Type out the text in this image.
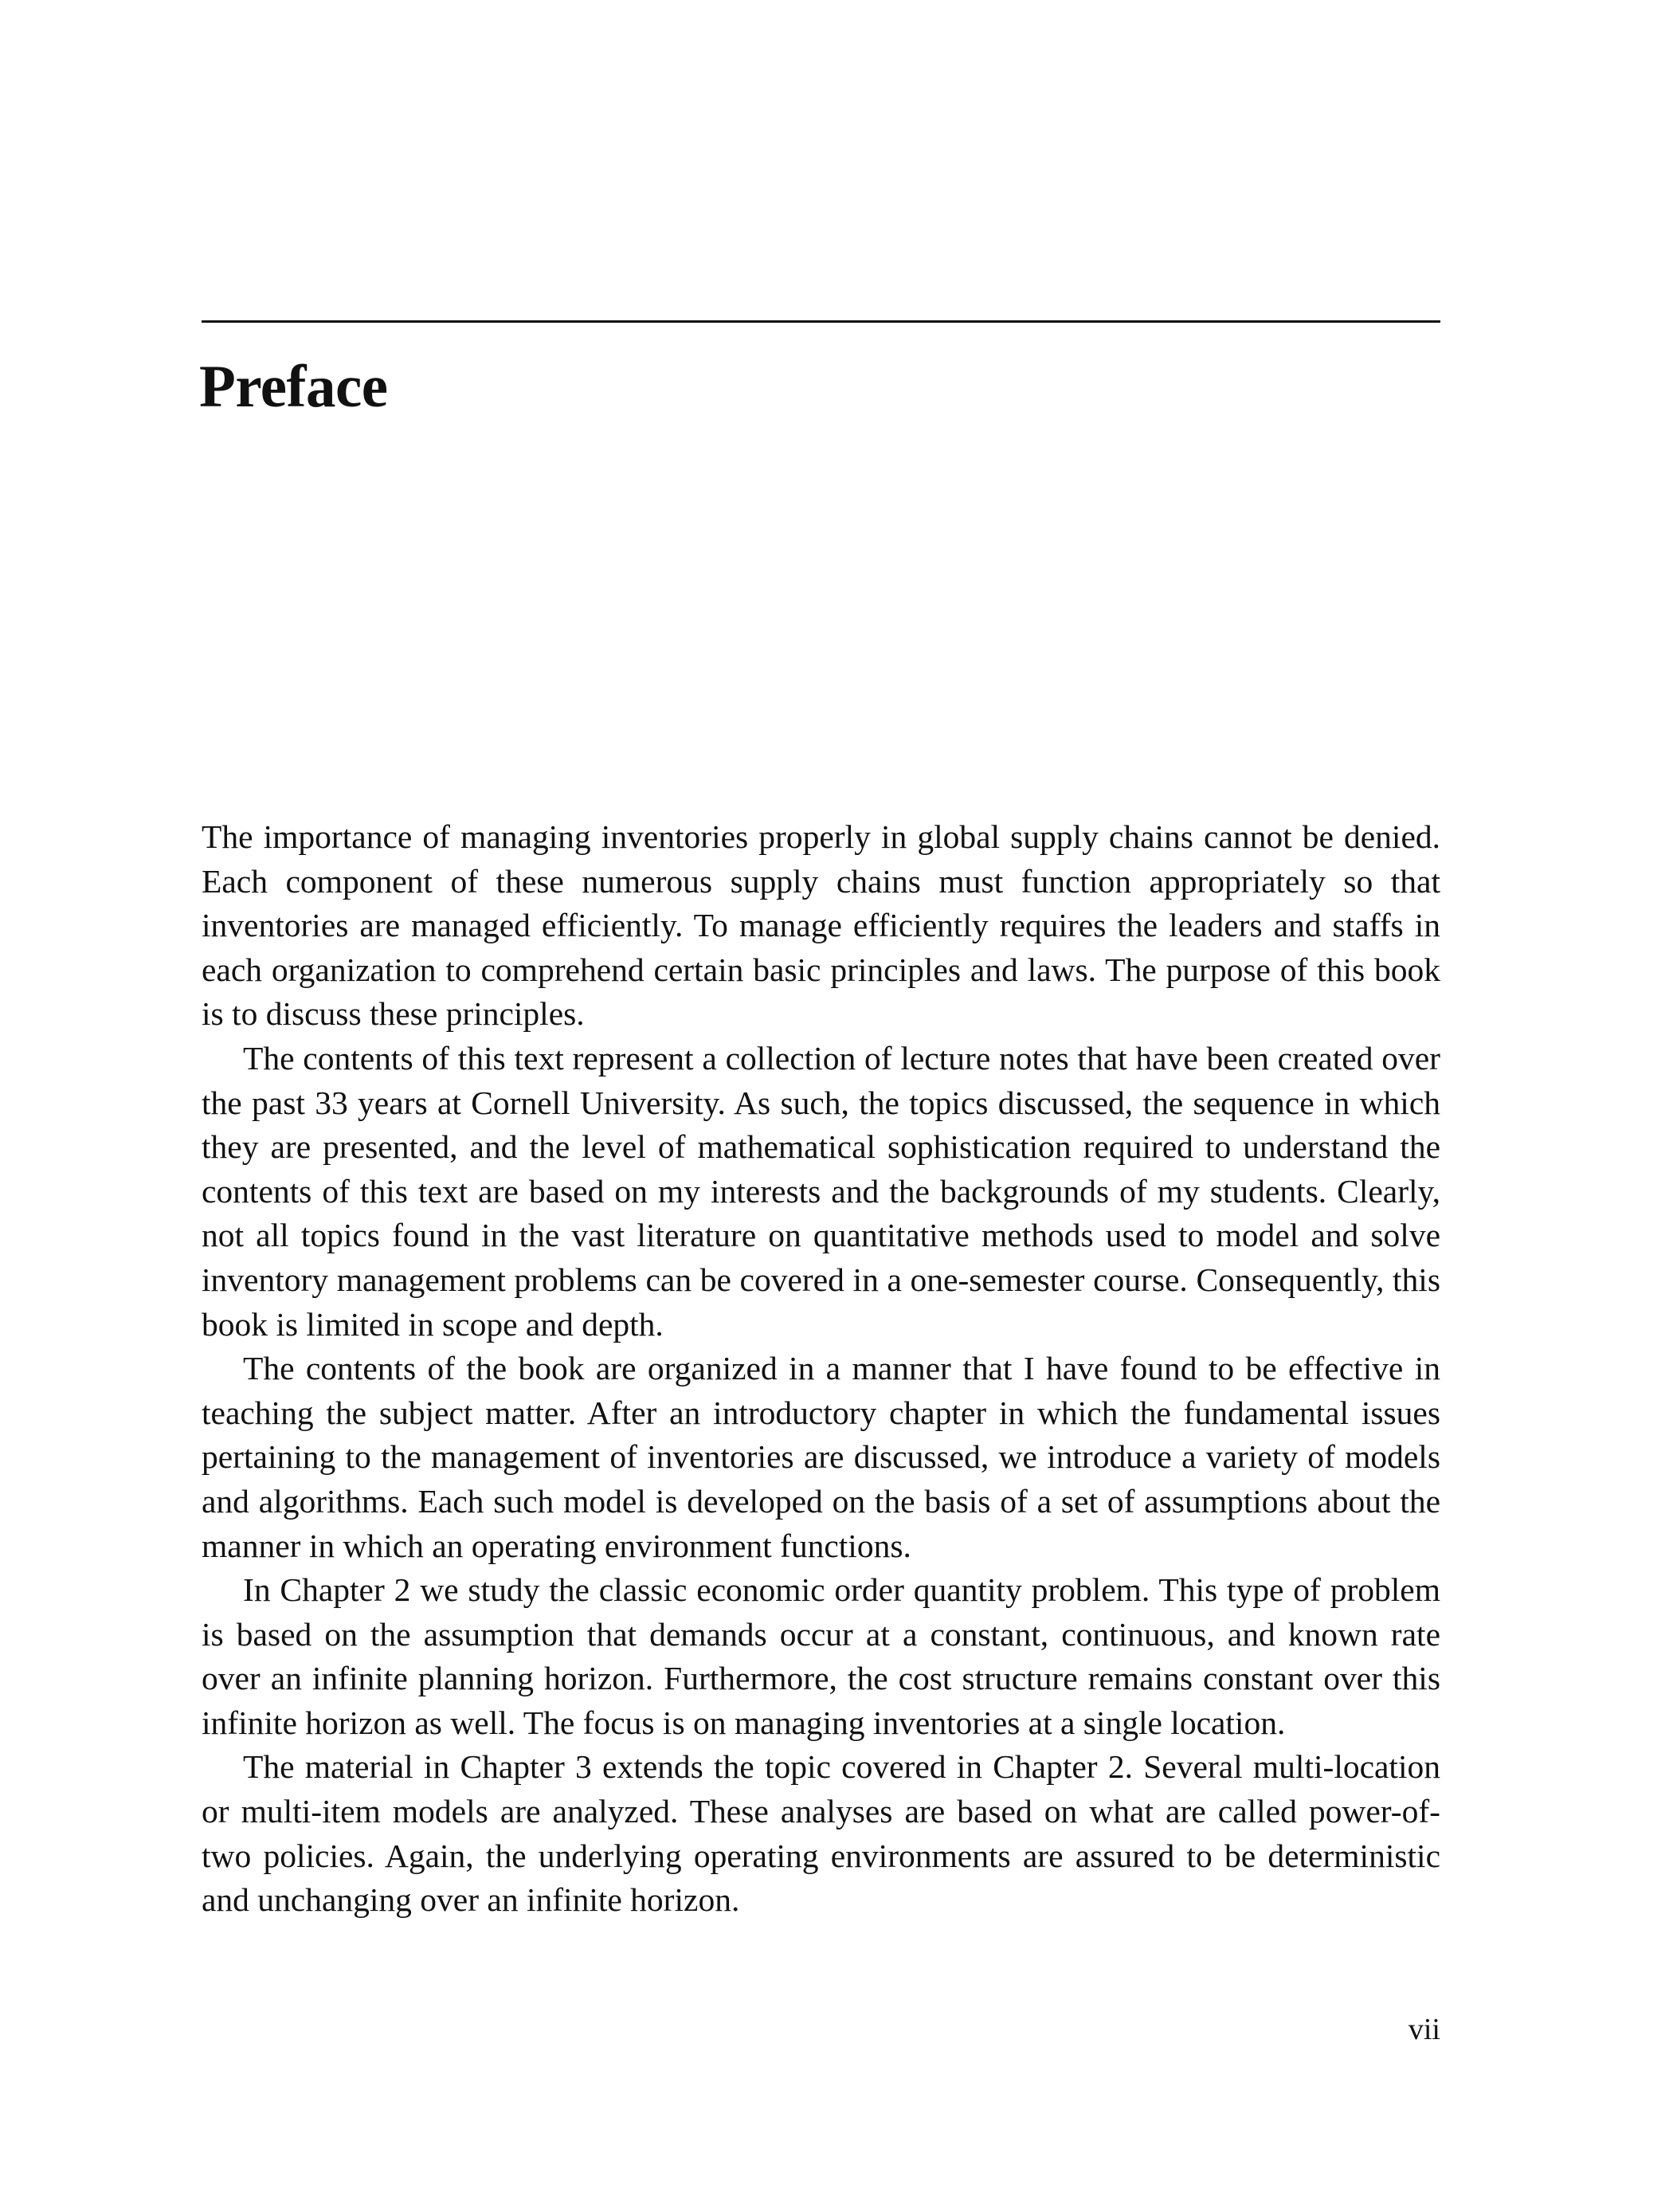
Preface

The importance of managing inventories properly in global supply chains cannot be denied. Each component of these numerous supply chains must function appropriately so that inventories are managed efficiently. To manage efficiently requires the leaders and staffs in each organization to comprehend certain basic principles and laws. The purpose of this book is to discuss these principles.

The contents of this text represent a collection of lecture notes that have been created over the past 33 years at Cornell University. As such, the topics discussed, the sequence in which they are presented, and the level of mathematical sophistication required to understand the contents of this text are based on my interests and the backgrounds of my students. Clearly, not all topics found in the vast literature on quantitative methods used to model and solve inventory management problems can be covered in a one-semester course. Consequently, this book is limited in scope and depth.

The contents of the book are organized in a manner that I have found to be effective in teaching the subject matter. After an introductory chapter in which the fundamental issues pertaining to the management of inventories are discussed, we introduce a variety of models and algorithms. Each such model is developed on the basis of a set of assumptions about the manner in which an operating environment functions.

In Chapter 2 we study the classic economic order quantity problem. This type of problem is based on the assumption that demands occur at a constant, continuous, and known rate over an infinite planning horizon. Furthermore, the cost structure remains constant over this infinite horizon as well. The focus is on managing inventories at a single location.

The material in Chapter 3 extends the topic covered in Chapter 2. Several multi-location or multi-item models are analyzed. These analyses are based on what are called power-of-two policies. Again, the underlying operating environments are assured to be deterministic and unchanging over an infinite horizon.

vii
